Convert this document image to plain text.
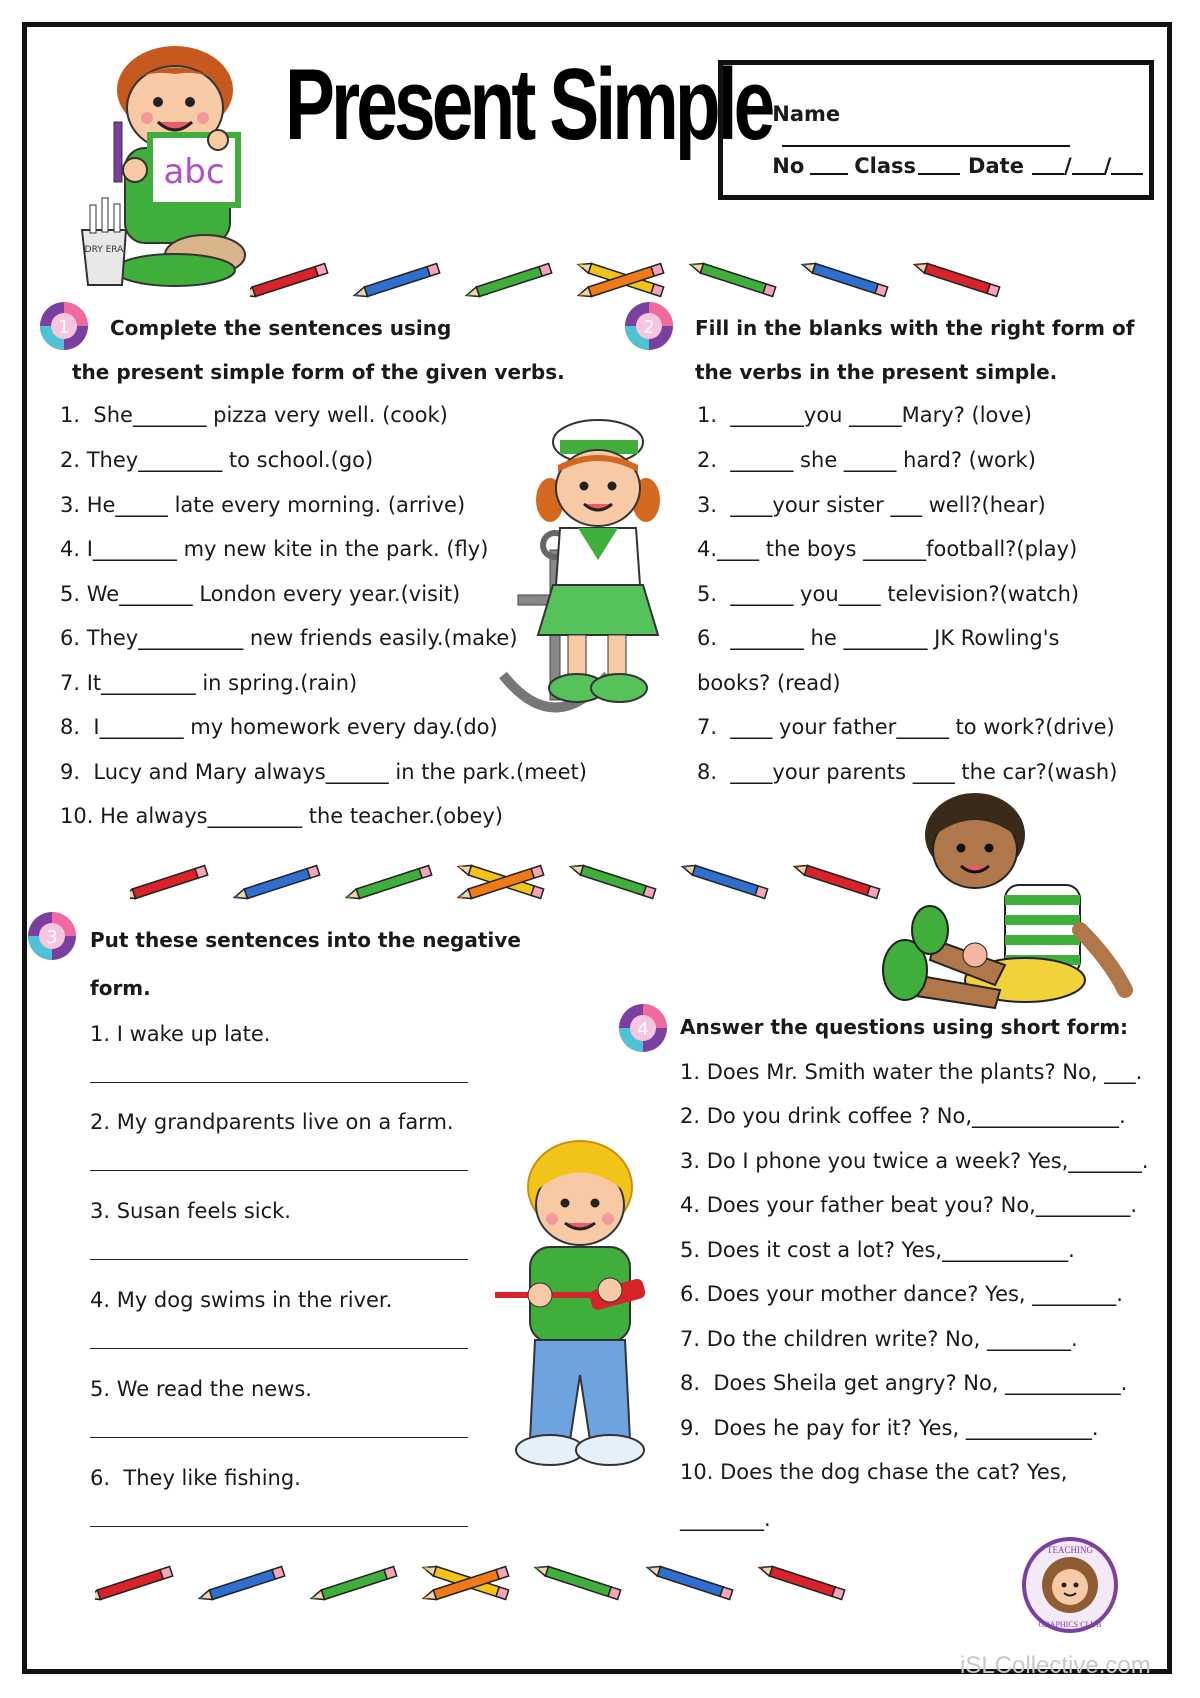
Present Simple
abc
DRY ERA

Name

No Class Date / /

1	2
3
4
Complete the sentences using
the present simple form of the given verbs.
1.  She_______ pizza very well. (cook)
2. They________ to school.(go)
3. He_____ late every morning. (arrive)
4. I________ my new kite in the park. (fly)
5. We_______ London every year.(visit)
6. They__________ new friends easily.(make)
7. It_________ in spring.(rain)
8.  I________ my homework every day.(do)
9.  Lucy and Mary always______ in the park.(meet)
10. He always_________ the teacher.(obey)
Fill in the blanks with the right form of
the verbs in the present simple.
1.  _______you _____Mary? (love)
2.  ______ she _____ hard? (work)
3.  ____your sister ___ well?(hear)
4.____ the boys ______football?(play)
5.  ______ you____ television?(watch)
6.  _______ he ________ JK Rowling's
books? (read)
7.  ____ your father_____ to work?(drive)
8.  ____your parents ____ the car?(wash)
Put these sentences into the negative
form.
1. I wake up late.
2. My grandparents live on a farm.
3. Susan feels sick.
4. My dog swims in the river.
5. We read the news.
6.  They like fishing.
Answer the questions using short form:
1. Does Mr. Smith water the plants? No, ___.
2. Do you drink coffee ? No,______________.
3. Do I phone you twice a week? Yes,_______.
4. Does your father beat you? No,_________.
5. Does it cost a lot? Yes,____________.
6. Does your mother dance? Yes, ________.
7. Do the children write? No, ________.
8.  Does Sheila get angry? No, ___________.
9.  Does he pay for it? Yes, ____________.
10. Does the dog chase the cat? Yes,
________.
TEACHING
GRAPHICS CLUB
iSLCollective.com
